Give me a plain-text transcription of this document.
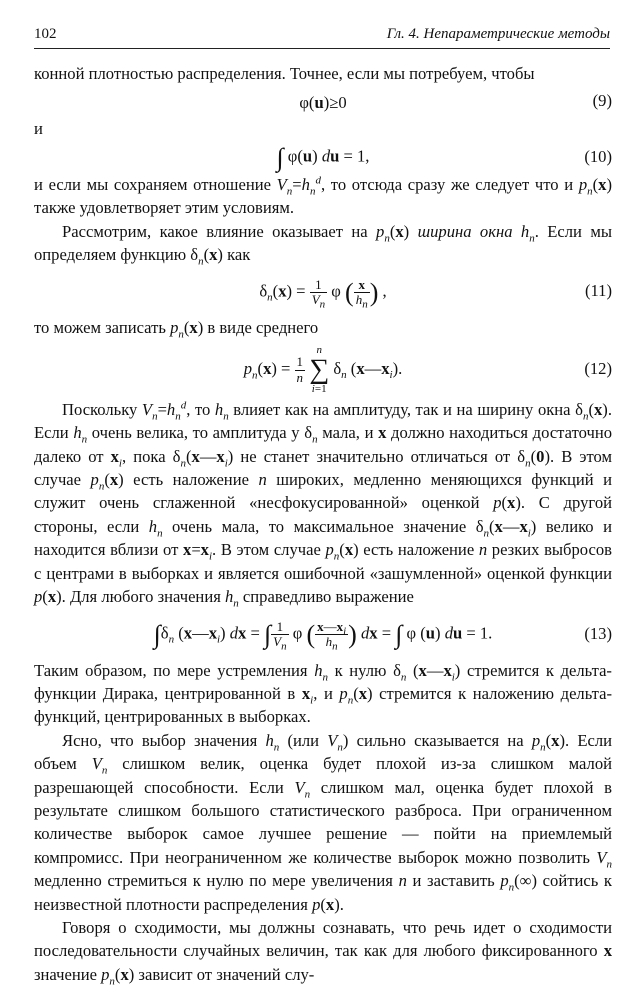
102	Гл. 4. Непараметрические методы

конной плотностью распределения. Точнее, если мы потребуем, чтобы

φ(u)≥0	(9)

и

∫ φ(u) du = 1,	(10)

и если мы сохраняем отношение $V_n=h_n^d$, то отсюда сразу же следует что и $p_n(x)$ также удовлетворяет этим условиям.

Рассмотрим, какое влияние оказывает на $p_n(x)$ ширина окна $h_n$. Если мы определяем функцию $\delta_n(x)$ как

$\delta_n(x) = \frac{1}{V_n}$ φ ( $\frac{x}{h_n}$ ) ,	(11)

то можем записать $p_n(x)$ в виде среднего

$p_n(x) = \frac{1}{n}$
n
∑
i=1 $\delta_n$ $(x—x_i)$.	(12)

Поскольку $V_n=h_n^d$, то $h_n$ влияет как на амплитуду, так и на ширину окна $\delta_n(x)$. Если $h_n$ очень велика, то амплитуда у $\delta_n$ мала, и x должно находиться достаточно далеко от $x_i$, пока $\delta_n(x—x_i)$ не станет значительно отличаться от $\delta_n(0)$. В этом случае $p_n(x)$ есть наложение n широких, медленно меняющихся функций и служит очень сглаженной «несфокусированной» оценкой p(x). С другой стороны, если $h_n$ очень мала, то максимальное значение $\delta_n(x—x_i)$ велико и находится вблизи от $x=x_i$. В этом случае $p_n(x)$ есть наложение n резких выбросов с центрами в выборках и является ошибочной «зашумленной» оценкой функции p(x). Для любого значения $h_n$ справедливо выражение

$\int\delta_n$ $(x—x_i)$ dx = ∫ $\frac{1}{V_n}$ φ ( $\frac{x—x_i}{h_n}$ ) dx = ∫ φ (u) du = 1.	(13)

Таким образом, по мере устремления $h_n$ к нулю $\delta_n$ $(x—x_i)$ стремится к дельта-функции Дирака, центрированной в $x_i$, и $p_n(x)$ стремится к наложению дельта-функций, центрированных в выборках.

Ясно, что выбор значения $h_n$ (или $V_n$) сильно сказывается на $p_n(x)$. Если объем $V_n$ слишком велик, оценка будет плохой из-за слишком малой разрешающей способности. Если $V_n$ слишком мал, оценка будет плохой в результате слишком большого статистического разброса. При ограниченном количестве выборок самое лучшее решение — пойти на приемлемый компромисс. При неограниченном же количестве выборок можно позволить $V_n$ медленно стремиться к нулю по мере увеличения n и заставить $p_n(\infty)$ сойтись к неизвестной плотности распределения p(x).

Говоря о сходимости, мы должны сознавать, что речь идет о сходимости последовательности случайных величин, так как для любого фиксированного x значение $p_n(x)$ зависит от значений слу-
